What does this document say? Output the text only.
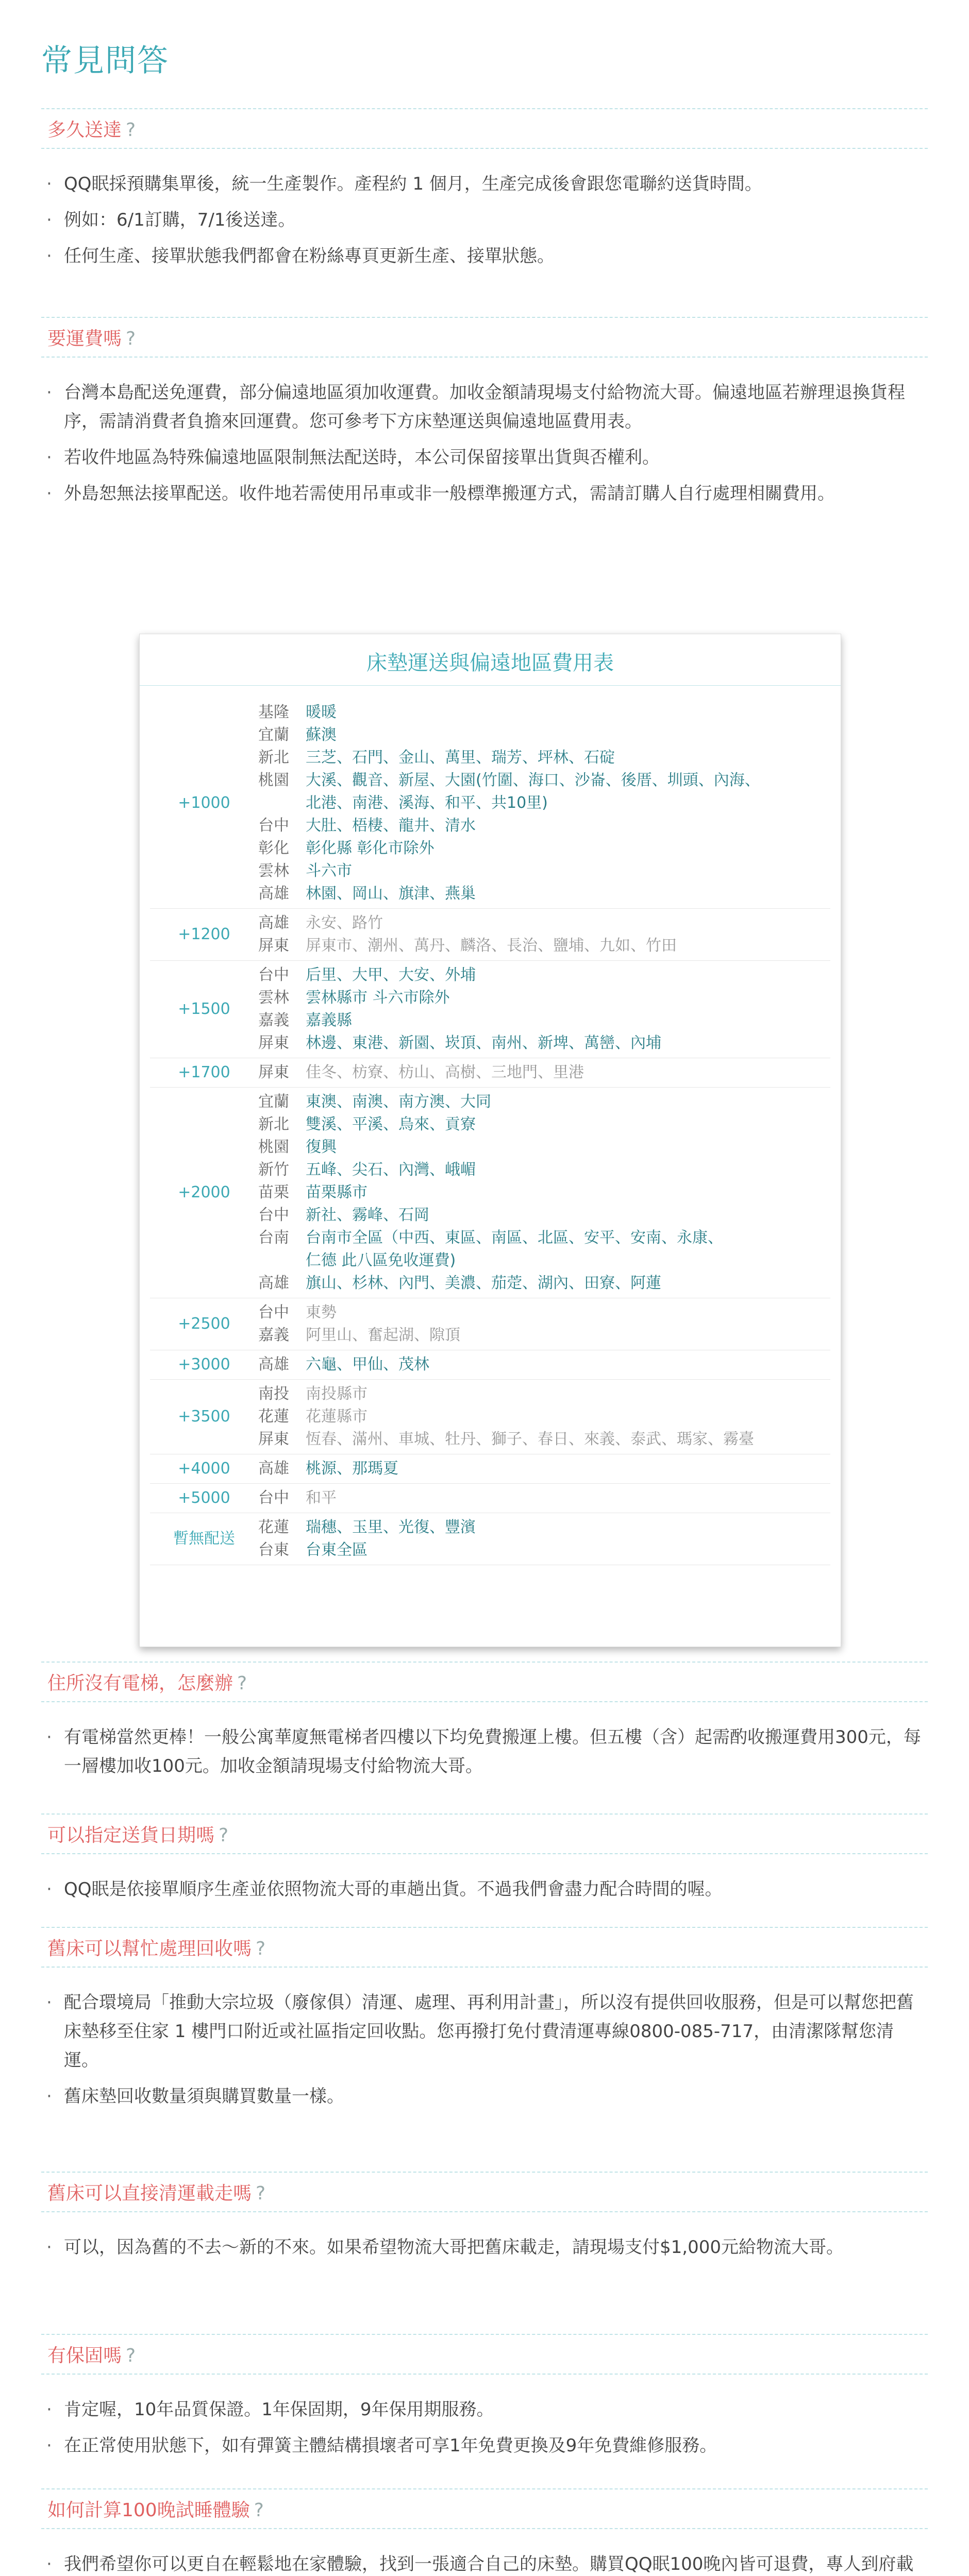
常見問答
多久送達 ?
· QQ眠採預購集單後，統一生產製作。產程約 1 個月，生產完成後會跟您電聯約送貨時間。
· 例如：6/1訂購，7/1後送達。
· 任何生產、接單狀態我們都會在粉絲專頁更新生產、接單狀態。
要運費嗎 ?
· 台灣本島配送免運費，部分偏遠地區須加收運費。加收金額請現場支付給物流大哥。偏遠地區若辦理退換貨程序，需請消費者負擔來回運費。您可參考下方床墊運送與偏遠地區費用表。
· 若收件地區為特殊偏遠地區限制無法配送時，本公司保留接單出貨與否權利。
· 外島恕無法接單配送。收件地若需使用吊車或非一般標準搬運方式，需請訂購人自行處理相關費用。
床墊運送與偏遠地區費用表
+1000
基隆 暖暖
宜蘭 蘇澳
新北 三芝、石門、金山、萬里、瑞芳、坪林、石碇
桃園 大溪、觀音、新屋、大園(竹圍、海口、沙崙、後厝、圳頭、內海、
北港、南港、溪海、和平、共10里)
台中 大肚、梧棲、龍井、清水
彰化 彰化縣 彰化市除外
雲林 斗六市
高雄 林園、岡山、旗津、燕巢
+1200
高雄 永安、路竹
屏東 屏東市、潮州、萬丹、麟洛、長治、鹽埔、九如、竹田
+1500
台中 后里、大甲、大安、外埔
雲林 雲林縣市 斗六市除外
嘉義 嘉義縣
屏東 林邊、東港、新園、崁頂、南州、新埤、萬巒、內埔
+1700	屏東 佳冬、枋寮、枋山、高樹、三地門、里港
+2000
宜蘭 東澳、南澳、南方澳、大同
新北 雙溪、平溪、烏來、貢寮
桃園 復興
新竹 五峰、尖石、內灣、峨嵋
苗栗 苗栗縣市
台中 新社、霧峰、石岡
台南 台南市全區（中西、東區、南區、北區、安平、安南、永康、
仁德 此八區免收運費)
高雄 旗山、杉林、內門、美濃、茄萣、湖內、田寮、阿蓮
+2500
台中 東勢
嘉義 阿里山、奮起湖、隙頂
+3000	高雄 六龜、甲仙、茂林
+3500
南投 南投縣市
花蓮 花蓮縣市
屏東 恆春、滿州、車城、牡丹、獅子、春日、來義、泰武、瑪家、霧臺
+4000	高雄 桃源、那瑪夏
+5000	台中 和平
暫無配送
花蓮 瑞穗、玉里、光復、豐濱
台東 台東全區
住所沒有電梯，怎麼辦 ?
· 有電梯當然更棒！一般公寓華廈無電梯者四樓以下均免費搬運上樓。但五樓（含）起需酌收搬運費用300元，每一層樓加收100元。加收金額請現場支付給物流大哥。
可以指定送貨日期嗎 ?
· QQ眠是依接單順序生產並依照物流大哥的車趟出貨。不過我們會盡力配合時間的喔。
舊床可以幫忙處理回收嗎 ?
· 配合環境局「推動大宗垃圾（廢傢俱）清運、處理、再利用計畫」，所以沒有提供回收服務，但是可以幫您把舊床墊移至住家 1 樓門口附近或社區指定回收點。您再撥打免付費清運專線0800-085-717，由清潔隊幫您清運。
· 舊床墊回收數量須與購買數量一樣。
舊床可以直接清運載走嗎 ?
· 可以，因為舊的不去～新的不來。如果希望物流大哥把舊床載走，請現場支付$1,000元給物流大哥。
有保固嗎 ?
· 肯定喔，10年品質保證。1年保固期，9年保用期服務。
· 在正常使用狀態下，如有彈簧主體結構損壞者可享1年免費更換及9年免費維修服務。
如何計算100晚試睡體驗 ?
· 我們希望你可以更自在輕鬆地在家體驗，找到一張適合自己的床墊。購買QQ眠100晚內皆可退費，專人到府載
